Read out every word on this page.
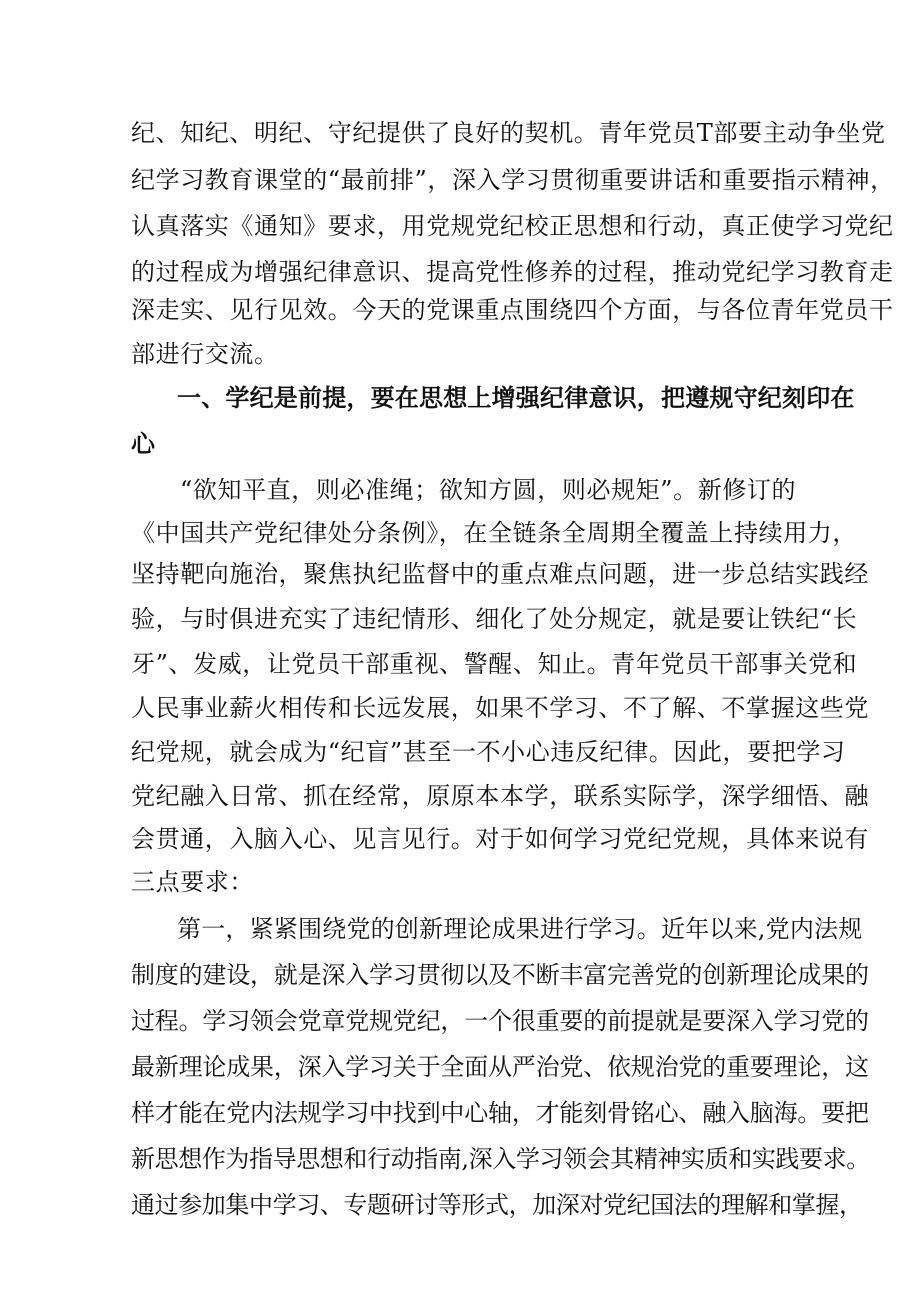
纪、知纪、明纪、守纪提供了良好的契机。青年党员T部要主动争坐党

纪学习教育课堂的“最前排”，深入学习贯彻重要讲话和重要指示精神，

认真落实《通知》要求，用党规党纪校正思想和行动，真正使学习党纪

的过程成为增强纪律意识、提高党性修养的过程，推动党纪学习教育走

深走实、见行见效。今天的党课重点围绕四个方面，与各位青年党员干

部进行交流。

一、学纪是前提，要在思想上增强纪律意识，把遵规守纪刻印在

心

“欲知平直，则必准绳；欲知方圆，则必规矩”。新修订的

《中国共产党纪律处分条例》，在全链条全周期全覆盖上持续用力，

坚持靶向施治，聚焦执纪监督中的重点难点问题，进一步总结实践经

验，与时俱进充实了违纪情形、细化了处分规定，就是要让铁纪“长

牙”、发威，让党员干部重视、警醒、知止。青年党员干部事关党和

人民事业薪火相传和长远发展，如果不学习、不了解、不掌握这些党

纪党规，就会成为“纪盲”甚至一不小心违反纪律。因此，要把学习

党纪融入日常、抓在经常，原原本本学，联系实际学，深学细悟、融

会贯通，入脑入心、见言见行。对于如何学习党纪党规，具体来说有

三点要求：

第一，紧紧围绕党的创新理论成果进行学习。近年以来,党内法规

制度的建设，就是深入学习贯彻以及不断丰富完善党的创新理论成果的

过程。学习领会党章党规党纪，一个很重要的前提就是要深入学习党的

最新理论成果，深入学习关于全面从严治党、依规治党的重要理论，这

样才能在党内法规学习中找到中心轴，才能刻骨铭心、融入脑海。要把

新思想作为指导思想和行动指南,深入学习领会其精神实质和实践要求。

通过参加集中学习、专题研讨等形式，加深对党纪国法的理解和掌握，
